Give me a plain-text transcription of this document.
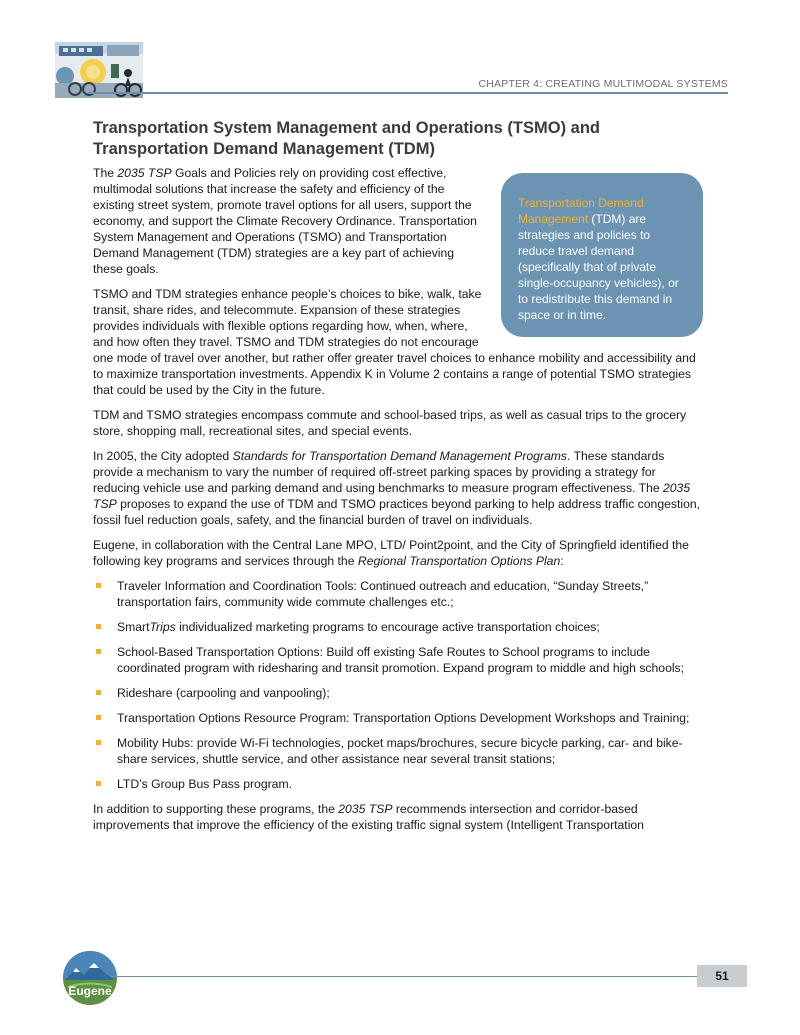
CHAPTER 4: CREATING MULTIMODAL SYSTEMS
Transportation System Management and Operations (TSMO) and Transportation Demand Management (TDM)
Transportation Demand Management (TDM) are strategies and policies to reduce travel demand (specifically that of private single-occupancy vehicles), or to redistribute this demand in space or in time.

The 2035 TSP Goals and Policies rely on providing cost effective, multimodal solutions that increase the safety and efficiency of the existing street system, promote travel options for all users, support the economy, and support the Climate Recovery Ordinance. Transportation System Management and Operations (TSMO) and Transportation Demand Management (TDM) strategies are a key part of achieving these goals.

TSMO and TDM strategies enhance people’s choices to bike, walk, take transit, share rides, and telecommute. Expansion of these strategies provides individuals with flexible options regarding how, when, where, and how often they travel. TSMO and TDM strategies do not encourage one mode of travel over another, but rather offer greater travel choices to enhance mobility and accessibility and to maximize transportation investments. Appendix K in Volume 2 contains a range of potential TSMO strategies that could be used by the City in the future.

TDM and TSMO strategies encompass commute and school-based trips, as well as casual trips to the grocery store, shopping mall, recreational sites, and special events.

In 2005, the City adopted Standards for Transportation Demand Management Programs. These standards provide a mechanism to vary the number of required off-street parking spaces by providing a strategy for reducing vehicle use and parking demand and using benchmarks to measure program effectiveness. The 2035 TSP proposes to expand the use of TDM and TSMO practices beyond parking to help address traffic congestion, fossil fuel reduction goals, safety, and the financial burden of travel on individuals.

Eugene, in collaboration with the Central Lane MPO, LTD/ Point2point, and the City of Springfield identified the following key programs and services through the Regional Transportation Options Plan:

Traveler Information and Coordination Tools: Continued outreach and education, “Sunday Streets,” transportation fairs, community wide commute challenges etc.;
SmartTrips individualized marketing programs to encourage active transportation choices;
School-Based Transportation Options: Build off existing Safe Routes to School programs to include coordinated program with ridesharing and transit promotion. Expand program to middle and high schools;
Rideshare (carpooling and vanpooling);
Transportation Options Resource Program: Transportation Options Development Workshops and Training;
Mobility Hubs: provide Wi-Fi technologies, pocket maps/brochures, secure bicycle parking, car- and bike-share services, shuttle service, and other assistance near several transit stations;
LTD’s Group Bus Pass program.

In addition to supporting these programs, the 2035 TSP recommends intersection and corridor-based improvements that improve the efficiency of the existing traffic signal system (Intelligent Transportation

Eugene
51
